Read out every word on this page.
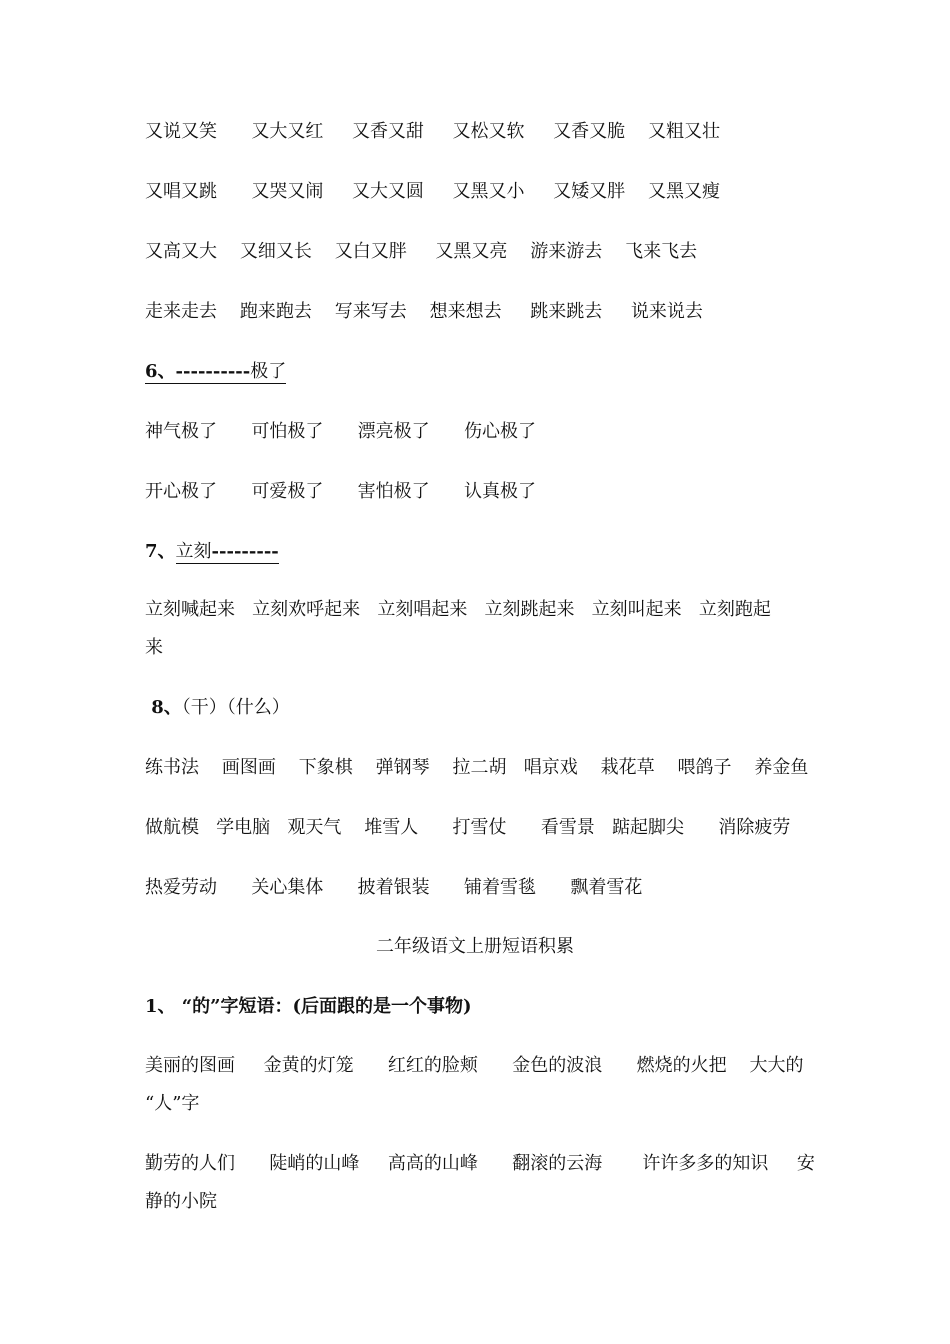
又说又笑      又大又红     又香又甜     又松又软     又香又脆    又粗又壮
又唱又跳      又哭又闹     又大又圆     又黑又小     又矮又胖    又黑又瘦
又高又大    又细又长    又白又胖     又黑又亮    游来游去    飞来飞去
走来走去    跑来跑去    写来写去    想来想去     跳来跳去     说来说去
6、----------极了
神气极了      可怕极了      漂亮极了      伤心极了
开心极了      可爱极了      害怕极了      认真极了
7、立刻---------
立刻喊起来   立刻欢呼起来   立刻唱起来   立刻跳起来   立刻叫起来   立刻跑起
来
8、（干）（什么）
练书法    画图画    下象棋    弹钢琴    拉二胡   唱京戏    栽花草    喂鸽子    养金鱼
做航模   学电脑   观天气    堆雪人      打雪仗      看雪景   踮起脚尖      消除疲劳
热爱劳动      关心集体      披着银装      铺着雪毯      飘着雪花
二年级语文上册短语积累
1、 “的”字短语：(后面跟的是一个事物)
美丽的图画     金黄的灯笼      红红的脸颊      金色的波浪      燃烧的火把    大大的
“人”字
勤劳的人们      陡峭的山峰     高高的山峰      翻滚的云海       许许多多的知识     安
静的小院
